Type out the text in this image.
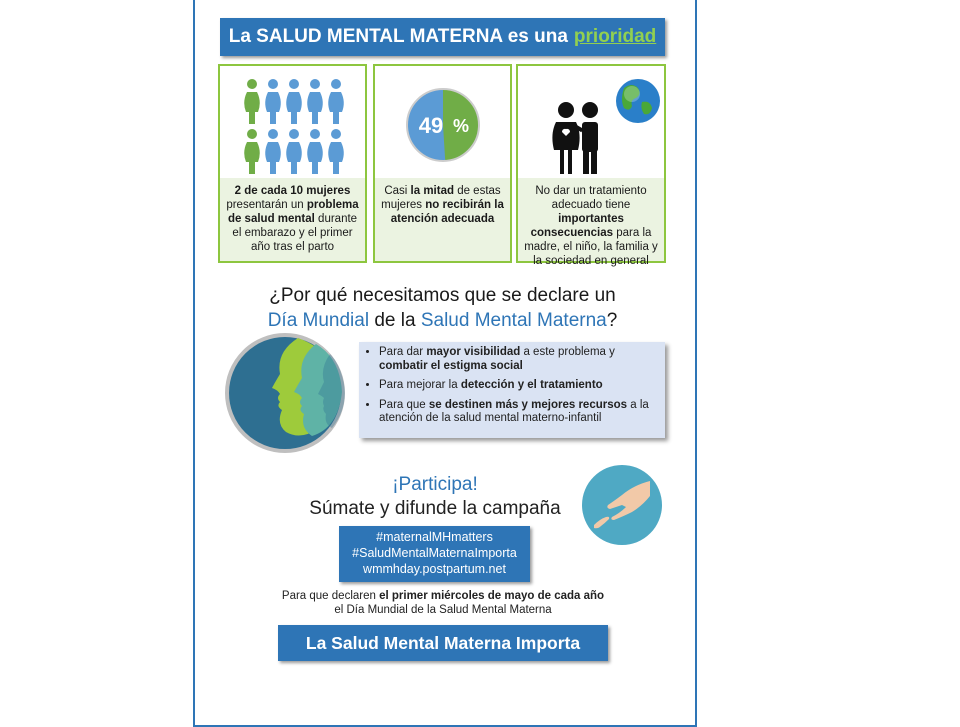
La SALUD MENTAL MATERNA es una prioridad
2 de cada 10 mujeres presentarán un problema de salud mental durante el embarazo y el primer año tras el parto
49 %
Casi la mitad de estas mujeres no recibirán la atención adecuada
No dar un tratamiento adecuado tiene importantes consecuencias para la madre, el niño, la familia y la sociedad en general
¿Por qué necesitamos que se declare un
Día Mundial de la Salud Mental Materna?
• Para dar mayor visibilidad a este problema y combatir el estigma social
• Para mejorar la detección y el tratamiento
• Para que se destinen más y mejores recursos a la atención de la salud mental materno-infantil
¡Participa!
Súmate y difunde la campaña
#maternalMHmatters
#SaludMentalMaternaImporta
wmmhday.postpartum.net
Para que declaren el primer miércoles de mayo de cada año el Día Mundial de la Salud Mental Materna
La Salud Mental Materna Importa
